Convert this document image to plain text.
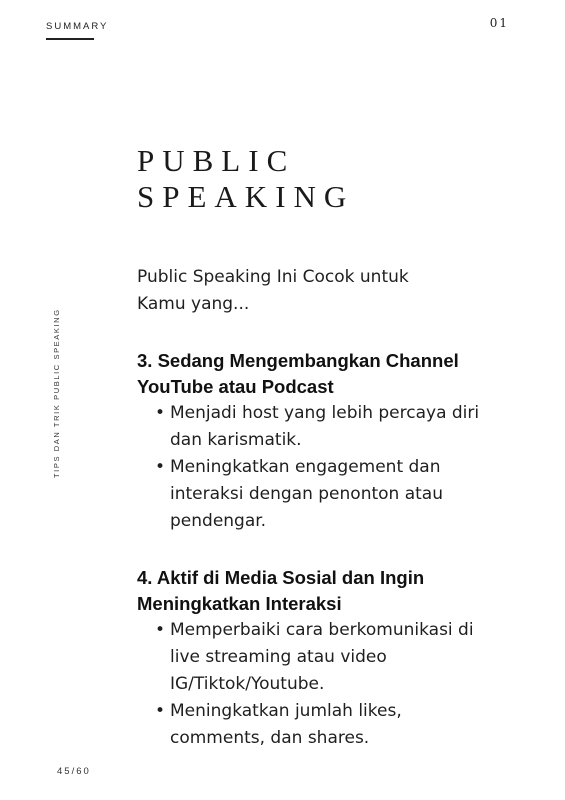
SUMMARY	01
TIPS DAN TRIK PUBLIC SPEAKING
PUBLIC
SPEAKING

Public Speaking Ini Cocok untuk Kamu yang...

3. Sedang Mengembangkan Channel YouTube atau Podcast
• Menjadi host yang lebih percaya diri dan karismatik.
• Meningkatkan engagement dan interaksi dengan penonton atau pendengar.
4. Aktif di Media Sosial dan Ingin Meningkatkan Interaksi
• Memperbaiki cara berkomunikasi di live streaming atau video IG/Tiktok/Youtube.
• Meningkatkan jumlah likes, comments, dan shares.
45/60
